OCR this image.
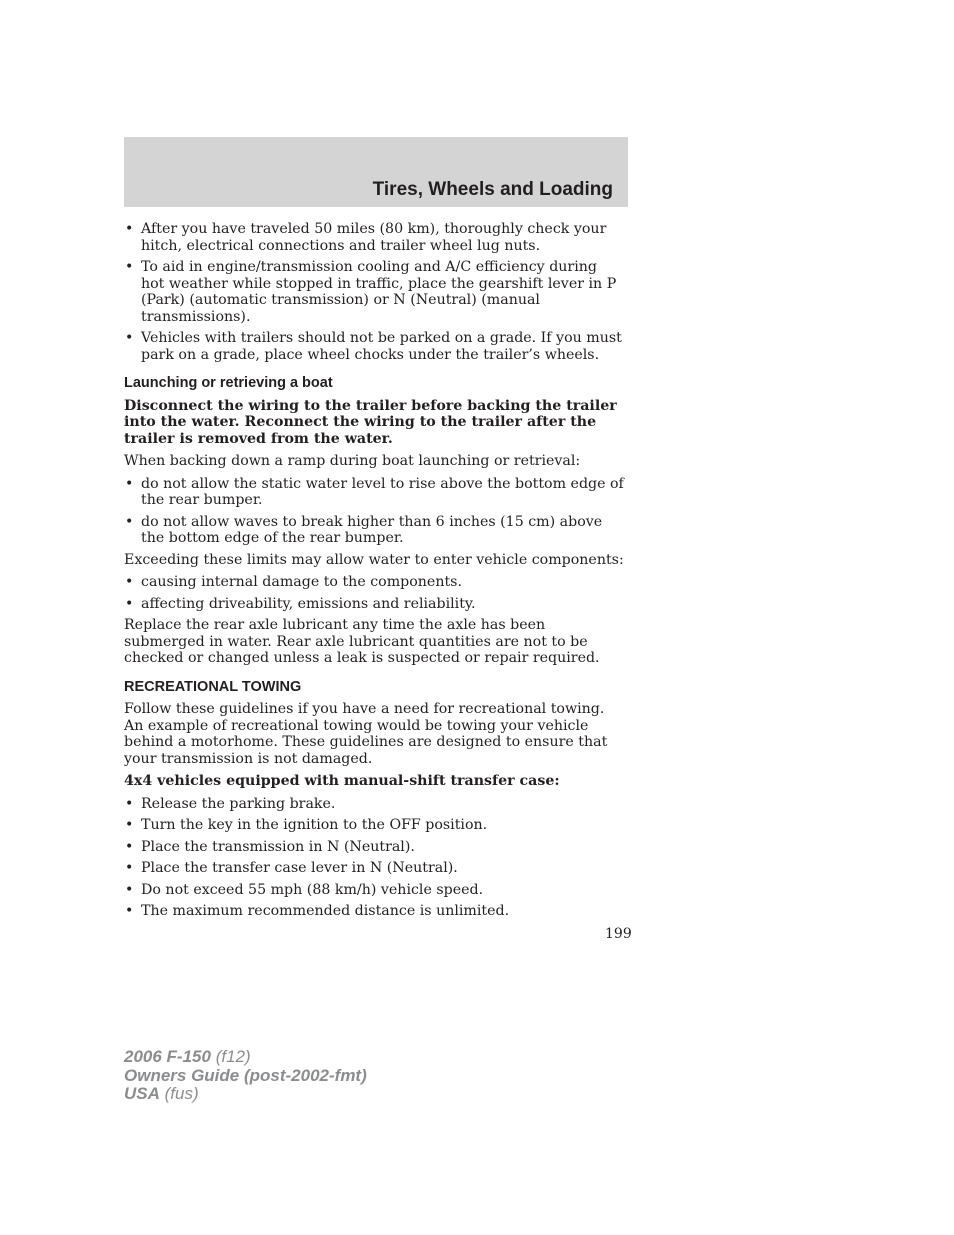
Tires, Wheels and Loading
• After you have traveled 50 miles (80 km), thoroughly check your hitch, electrical connections and trailer wheel lug nuts.
• To aid in engine/transmission cooling and A/C efficiency during hot weather while stopped in traffic, place the gearshift lever in P (Park) (automatic transmission) or N (Neutral) (manual transmissions).
• Vehicles with trailers should not be parked on a grade. If you must park on a grade, place wheel chocks under the trailer’s wheels.
Launching or retrieving a boat

Disconnect the wiring to the trailer before backing the trailer into the water. Reconnect the wiring to the trailer after the trailer is removed from the water.

When backing down a ramp during boat launching or retrieval:

• do not allow the static water level to rise above the bottom edge of the rear bumper.
• do not allow waves to break higher than 6 inches (15 cm) above the bottom edge of the rear bumper.

Exceeding these limits may allow water to enter vehicle components:

• causing internal damage to the components.
• affecting driveability, emissions and reliability.

Replace the rear axle lubricant any time the axle has been submerged in water. Rear axle lubricant quantities are not to be checked or changed unless a leak is suspected or repair required.

RECREATIONAL TOWING

Follow these guidelines if you have a need for recreational towing. An example of recreational towing would be towing your vehicle behind a motorhome. These guidelines are designed to ensure that your transmission is not damaged.

4x4 vehicles equipped with manual-shift transfer case:

• Release the parking brake.
• Turn the key in the ignition to the OFF position.
• Place the transmission in N (Neutral).
• Place the transfer case lever in N (Neutral).
• Do not exceed 55 mph (88 km/h) vehicle speed.
• The maximum recommended distance is unlimited.
199
2006 F-150 (f12)
Owners Guide (post-2002-fmt)
USA (fus)
